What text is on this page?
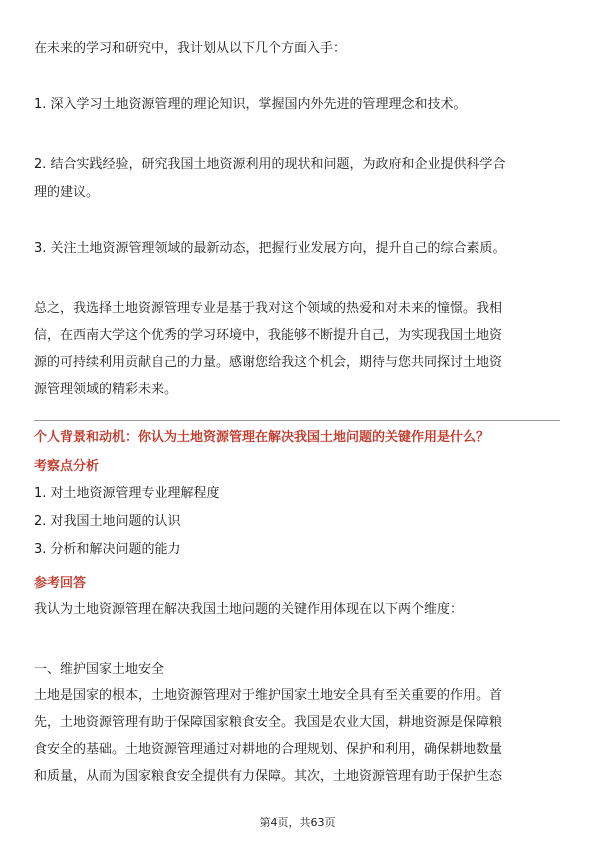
在未来的学习和研究中，我计划从以下几个方面入手：

1. 深入学习土地资源管理的理论知识，掌握国内外先进的管理理念和技术。

2. 结合实践经验，研究我国土地资源利用的现状和问题，为政府和企业提供科学合

理的建议。

3. 关注土地资源管理领域的最新动态，把握行业发展方向，提升自己的综合素质。

总之，我选择土地资源管理专业是基于我对这个领域的热爱和对未来的憧憬。我相

信，在西南大学这个优秀的学习环境中，我能够不断提升自己，为实现我国土地资

源的可持续利用贡献自己的力量。感谢您给我这个机会，期待与您共同探讨土地资

源管理领域的精彩未来。

个人背景和动机：你认为土地资源管理在解决我国土地问题的关键作用是什么？

考察点分析

1. 对土地资源管理专业理解程度

2. 对我国土地问题的认识

3. 分析和解决问题的能力

参考回答

我认为土地资源管理在解决我国土地问题的关键作用体现在以下两个维度：

一、维护国家土地安全

土地是国家的根本，土地资源管理对于维护国家土地安全具有至关重要的作用。首

先，土地资源管理有助于保障国家粮食安全。我国是农业大国，耕地资源是保障粮

食安全的基础。土地资源管理通过对耕地的合理规划、保护和利用，确保耕地数量

和质量，从而为国家粮食安全提供有力保障。其次，土地资源管理有助于保护生态

第4页，共63页
